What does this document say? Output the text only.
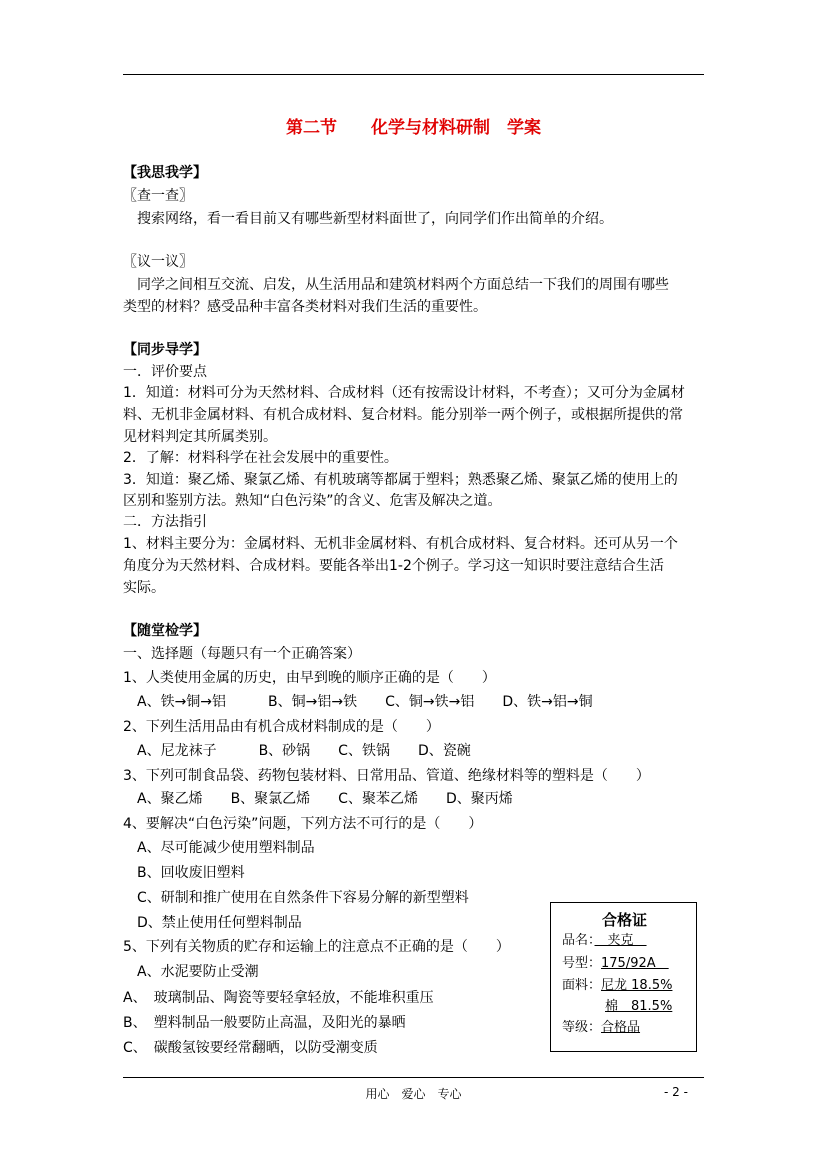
第二节　　化学与材料研制　学案
【我思我学】
〖查一查〗
　搜索网络，看一看目前又有哪些新型材料面世了，向同学们作出简单的介绍。
〖议一议〗
　同学之间相互交流、启发，从生活用品和建筑材料两个方面总结一下我们的周围有哪些
类型的材料？感受品种丰富各类材料对我们生活的重要性。
【同步导学】
一．评价要点
1．知道：材料可分为天然材料、合成材料（还有按需设计材料，不考查）；又可分为金属材
料、无机非金属材料、有机合成材料、复合材料。能分别举一两个例子，或根据所提供的常
见材料判定其所属类别。
2．了解：材料科学在社会发展中的重要性。
3．知道：聚乙烯、聚氯乙烯、有机玻璃等都属于塑料；熟悉聚乙烯、聚氯乙烯的使用上的
区别和鉴别方法。熟知“白色污染”的含义、危害及解决之道。
二．方法指引
1、材料主要分为：金属材料、无机非金属材料、有机合成材料、复合材料。还可从另一个
角度分为天然材料、合成材料。要能各举出1-2个例子。学习这一知识时要注意结合生活
实际。
【随堂检学】
一、选择题（每题只有一个正确答案）
1、人类使用金属的历史，由早到晚的顺序正确的是（　　）
　A、铁→铜→铝　　　B、铜→铝→铁　　C、铜→铁→铝　　D、铁→铝→铜
2、下列生活用品由有机合成材料制成的是（　　）
　A、尼龙袜子　　　B、砂锅　　C、铁锅　　D、瓷碗
3、下列可制食品袋、药物包装材料、日常用品、管道、绝缘材料等的塑料是（　　）
　A、聚乙烯　　B、聚氯乙烯　　C、聚苯乙烯　　D、聚丙烯
4、要解决“白色污染”问题，下列方法不可行的是（　　）
　A、尽可能减少使用塑料制品
　B、回收废旧塑料
　C、研制和推广使用在自然条件下容易分解的新型塑料
　D、禁止使用任何塑料制品
5、下列有关物质的贮存和运输上的注意点不正确的是（　　）
　A、水泥要防止受潮
A、　玻璃制品、陶瓷等要轻拿轻放，不能堆积重压
B、　塑料制品一般要防止高温，及阳光的暴晒
C、　碳酸氢铵要经常翻晒，以防受潮变质
合格证
品名：　夹克　
号型：175/92A　
面料：尼龙 18.5%
棉　81.5%
等级：合格品
用心　爱心　专心	- 2 -
